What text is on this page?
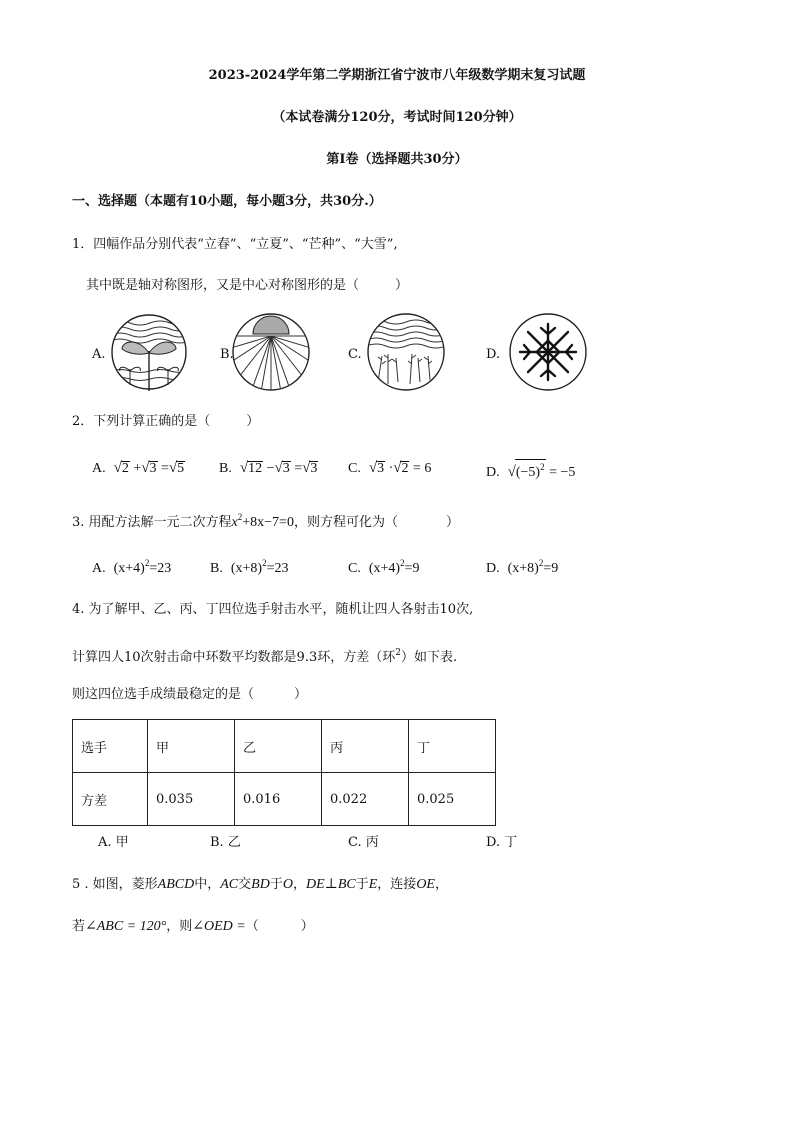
2023-2024学年第二学期浙江省宁波市八年级数学期末复习试题
（本试卷满分120分，考试时间120分钟）
第I卷（选择题共30分）
一、选择题（本题有10小题，每小题3分，共30分.）
1．四幅作品分别代表“立春”、“立夏”、“芒种”、“大雪”,
其中既是轴对称图形，又是中心对称图形的是（	）
A.	B.	C.	D.
2．下列计算正确的是（	）
A. √2 +√3 =√5 B. √12 −√3 =√3 C. √3 ·√2 = 6	D. $√(-5)^2 = -5$
3. 用配方法解一元二次方程$x^2+8x-7=0$，则方程可化为（	）
A. $(x+4)^2=23$	B. $(x+8)^2=23$	C. $(x+4)^2=9$	D. $(x+8)^2=9$
4. 为了解甲、乙、丙、丁四位选手射击水平，随机让四人各射击10次,
计算四人10次射击命中环数平均数都是9.3环，方差（环$^2$）如下表.
则这四位选手成绩最稳定的是（	）
选手	甲	乙	丙	丁
方差	0.035	0.016	0.022	0.025
A. 甲	B. 乙	C. 丙	D. 丁
5 . 如图，菱形ABCD中，AC交BD于O，DE⊥BC于E，连接OE，
若∠ABC = 120°，则∠OED =（	）
